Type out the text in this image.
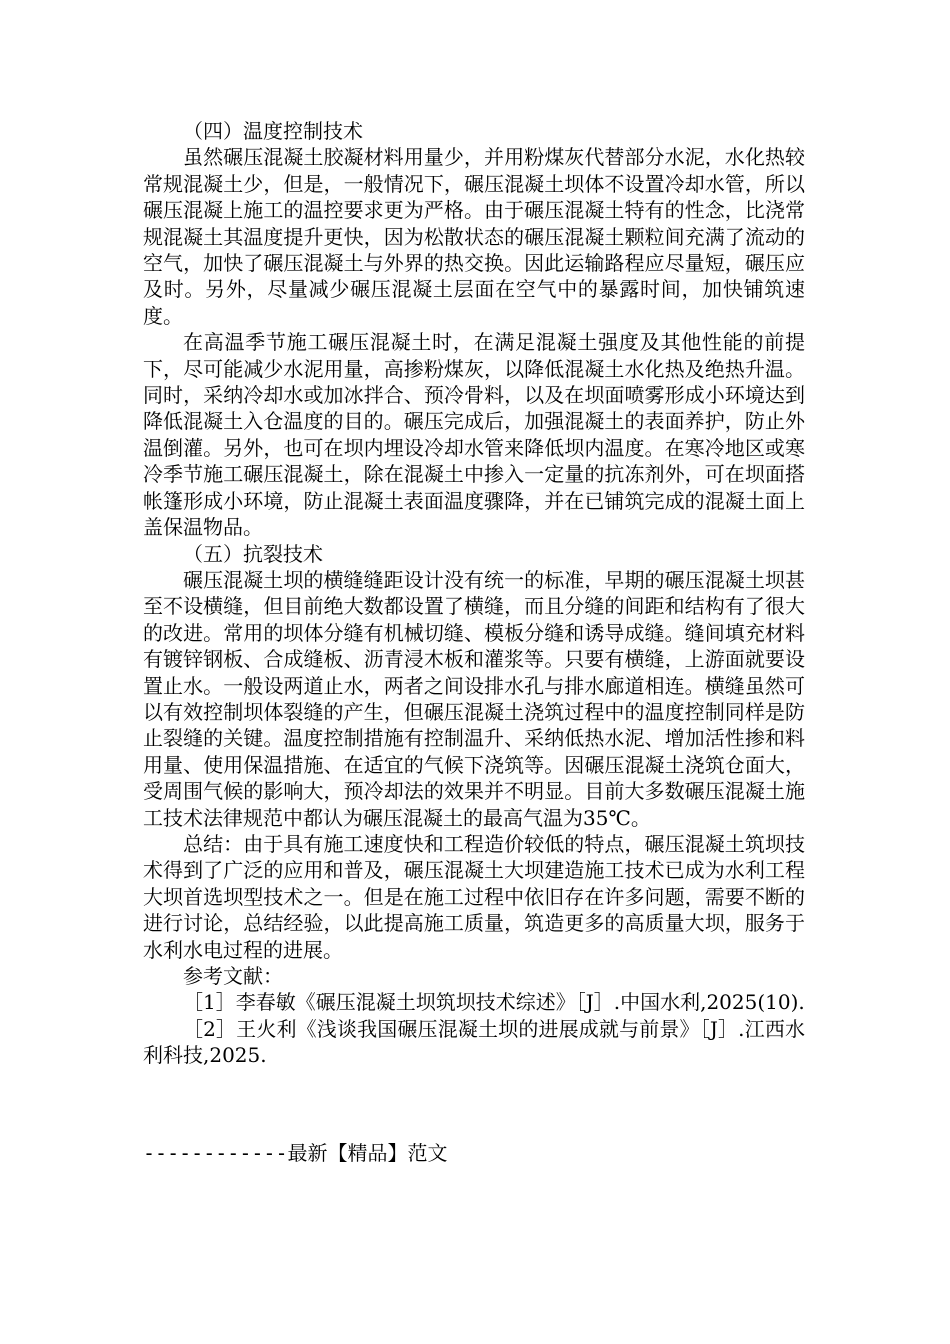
（四）温度控制技术

虽然碾压混凝土胶凝材料用量少，并用粉煤灰代替部分水泥，水化热较常规混凝土少，但是，一般情况下，碾压混凝土坝体不设置冷却水管，所以碾压混凝上施工的温控要求更为严格。由于碾压混凝土特有的性念，比浇常规混凝土其温度提升更快，因为松散状态的碾压混凝土颗粒间充满了流动的空气，加快了碾压混凝土与外界的热交换。因此运输路程应尽量短，碾压应及时。另外，尽量减少碾压混凝土层面在空气中的暴露时间，加快铺筑速度。

在高温季节施工碾压混凝土时，在满足混凝土强度及其他性能的前提下，尽可能减少水泥用量，高掺粉煤灰，以降低混凝土水化热及绝热升温。同时，采纳冷却水或加冰拌合、预冷骨料，以及在坝面喷雾形成小环境达到降低混凝土入仓温度的目的。碾压完成后，加强混凝土的表面养护，防止外温倒灌。另外，也可在坝内埋设冷却水管来降低坝内温度。在寒冷地区或寒冷季节施工碾压混凝土，除在混凝土中掺入一定量的抗冻剂外，可在坝面搭帐篷形成小环境，防止混凝土表面温度骤降，并在已铺筑完成的混凝土面上盖保温物品。

（五）抗裂技术

碾压混凝土坝的横缝缝距设计没有统一的标准，早期的碾压混凝土坝甚至不设横缝，但目前绝大数都设置了横缝，而且分缝的间距和结构有了很大的改进。常用的坝体分缝有机械切缝、模板分缝和诱导成缝。缝间填充材料有镀锌钢板、合成缝板、沥青浸木板和灌浆等。只要有横缝，上游面就要设置止水。一般设两道止水，两者之间设排水孔与排水廊道相连。横缝虽然可以有效控制坝体裂缝的产生，但碾压混凝土浇筑过程中的温度控制同样是防止裂缝的关键。温度控制措施有控制温升、采纳低热水泥、增加活性掺和料用量、使用保温措施、在适宜的气候下浇筑等。因碾压混凝土浇筑仓面大，受周围气候的影响大，预冷却法的效果并不明显。目前大多数碾压混凝土施工技术法律规范中都认为碾压混凝土的最高气温为35℃。

总结：由于具有施工速度快和工程造价较低的特点，碾压混凝土筑坝技术得到了广泛的应用和普及，碾压混凝土大坝建造施工技术已成为水利工程大坝首选坝型技术之一。但是在施工过程中依旧存在许多问题，需要不断的进行讨论，总结经验，以此提高施工质量，筑造更多的高质量大坝，服务于水利水电过程的进展。

参考文献：

［1］李春敏《碾压混凝土坝筑坝技术综述》［J］.中国水利,2025(10).

［2］王火利《浅谈我国碾压混凝土坝的进展成就与前景》［J］.江西水利科技,2025.

------------最新【精品】范文
